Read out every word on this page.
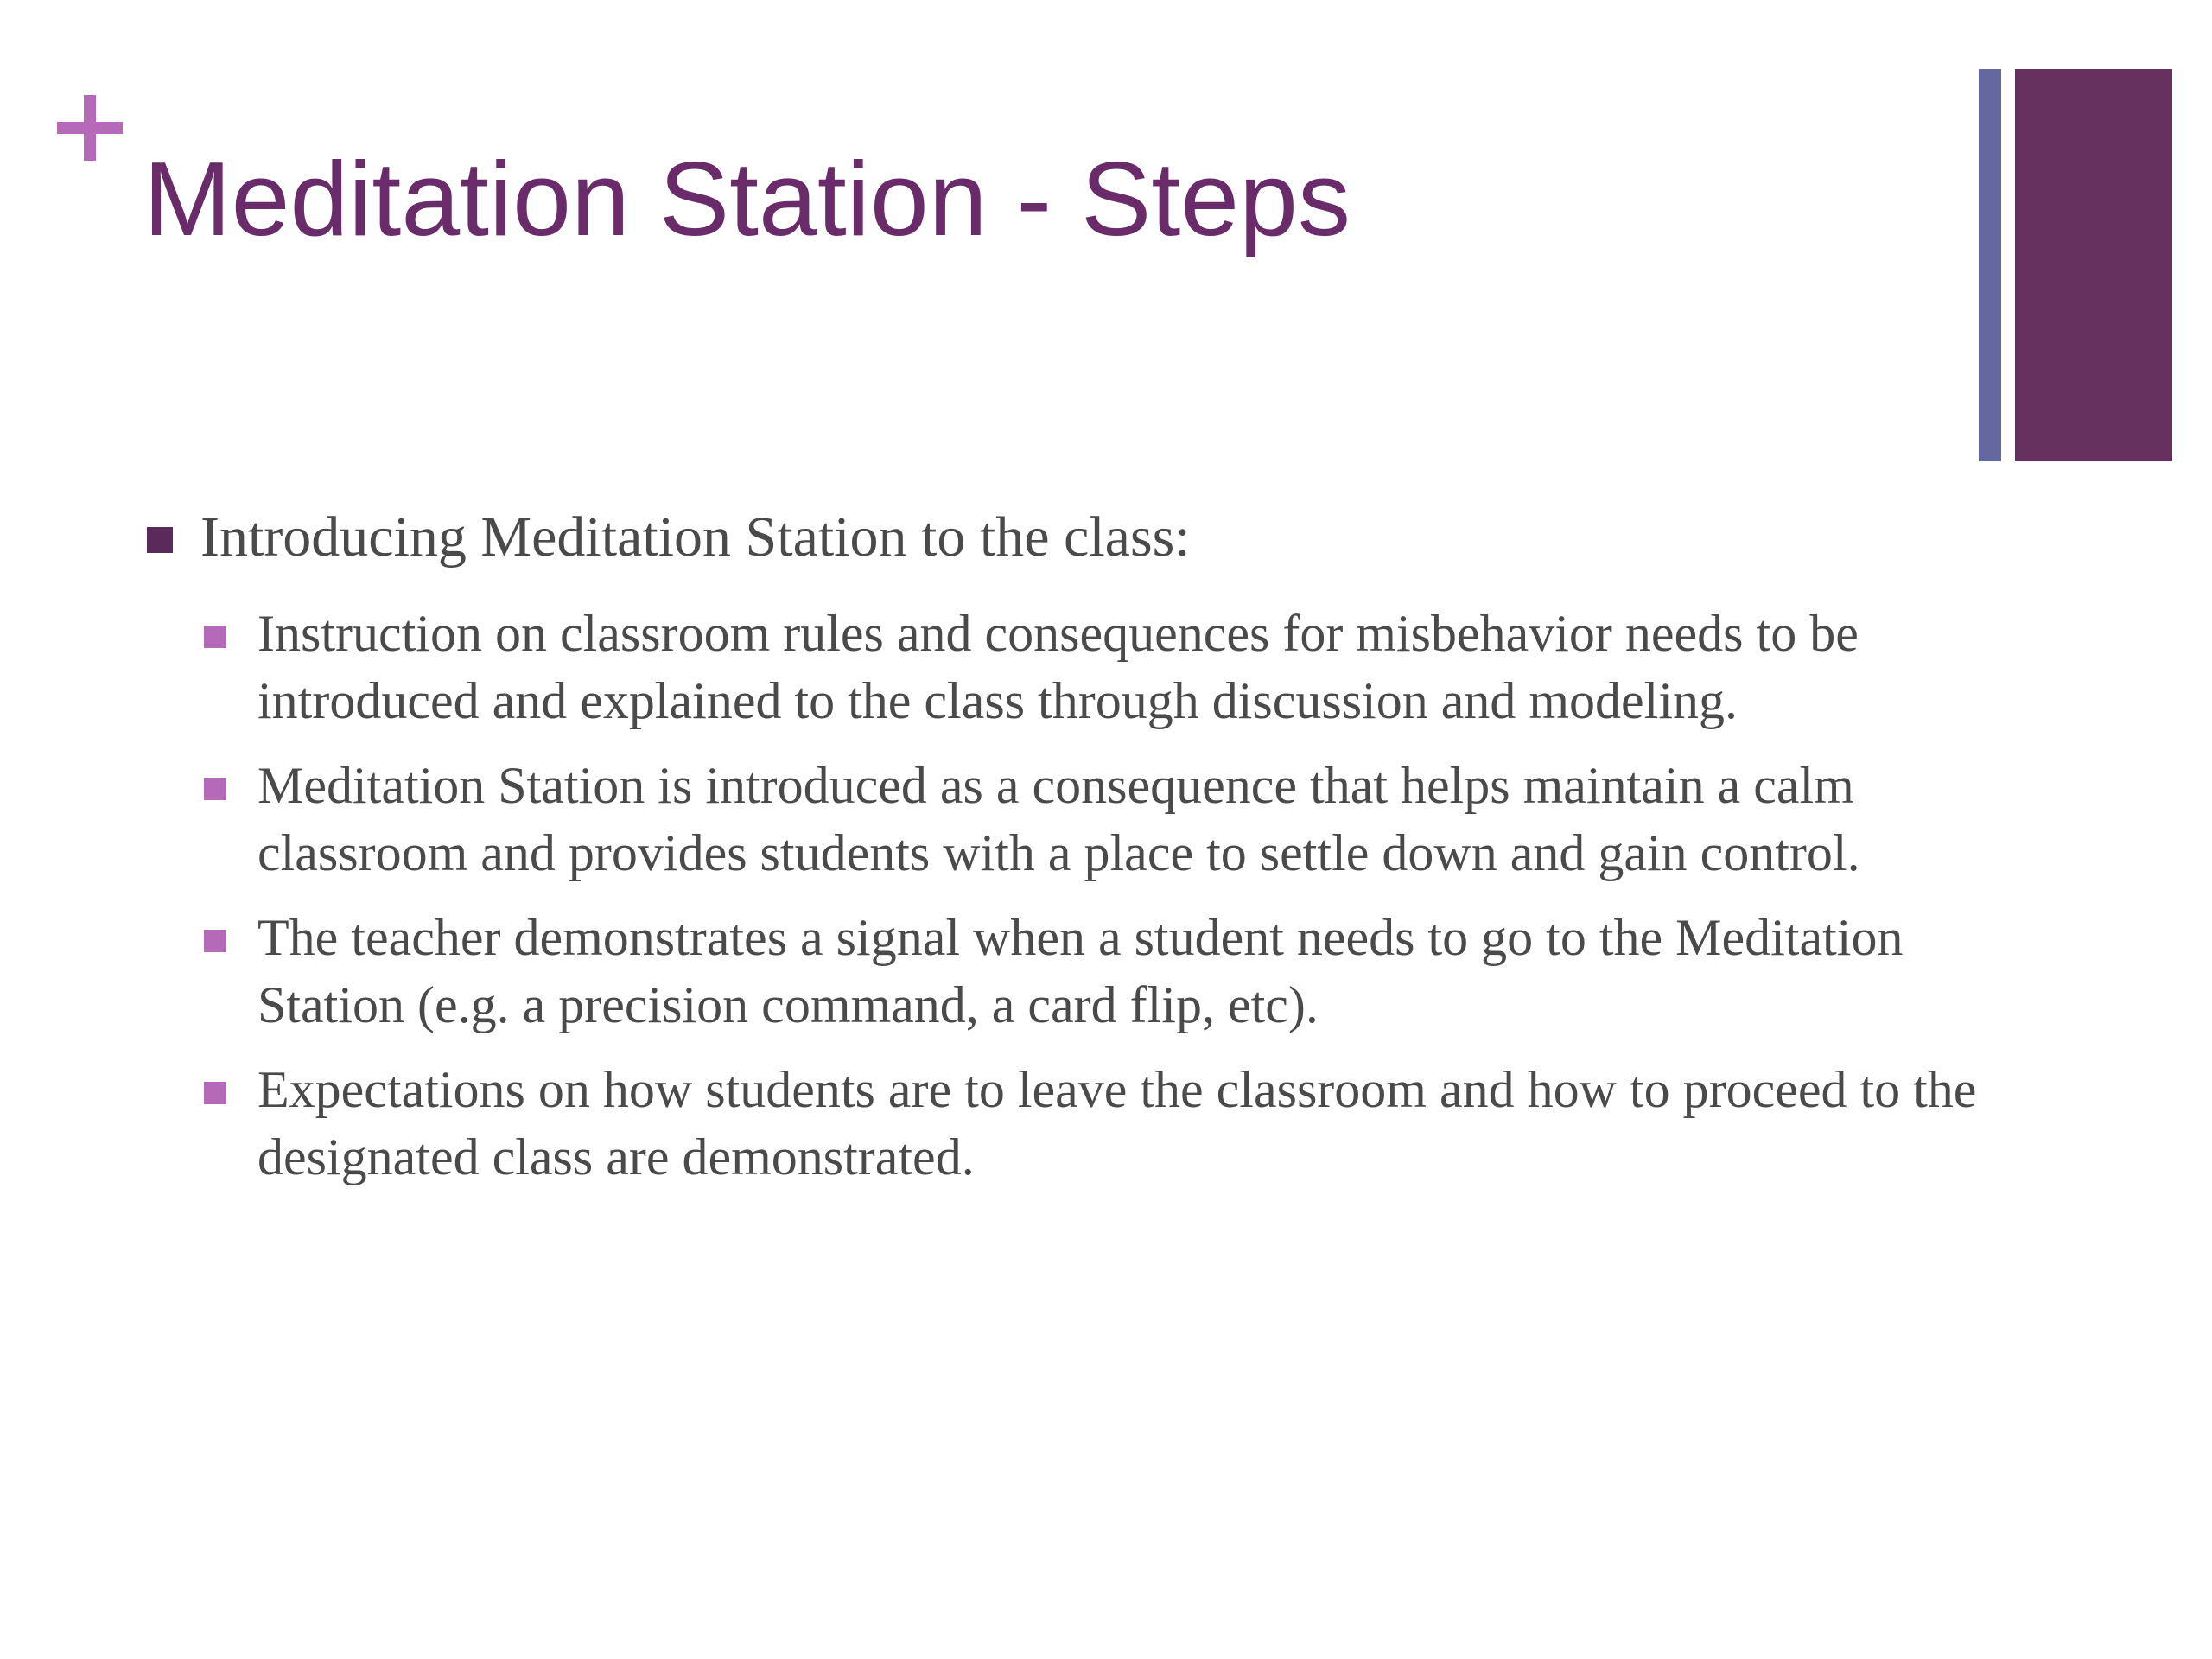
Meditation Station - Steps
Introducing Meditation Station to the class:
Instruction on classroom rules and consequences for misbehavior needs to be introduced and explained to the class through discussion and modeling.
Meditation Station is introduced as a consequence that helps maintain a calm classroom and provides students with a place to settle down and gain control.
The teacher demonstrates a signal when a student needs to go to the Meditation Station (e.g. a precision command, a card flip, etc).
Expectations on how students are to leave the classroom and how to proceed to the designated class are demonstrated.
